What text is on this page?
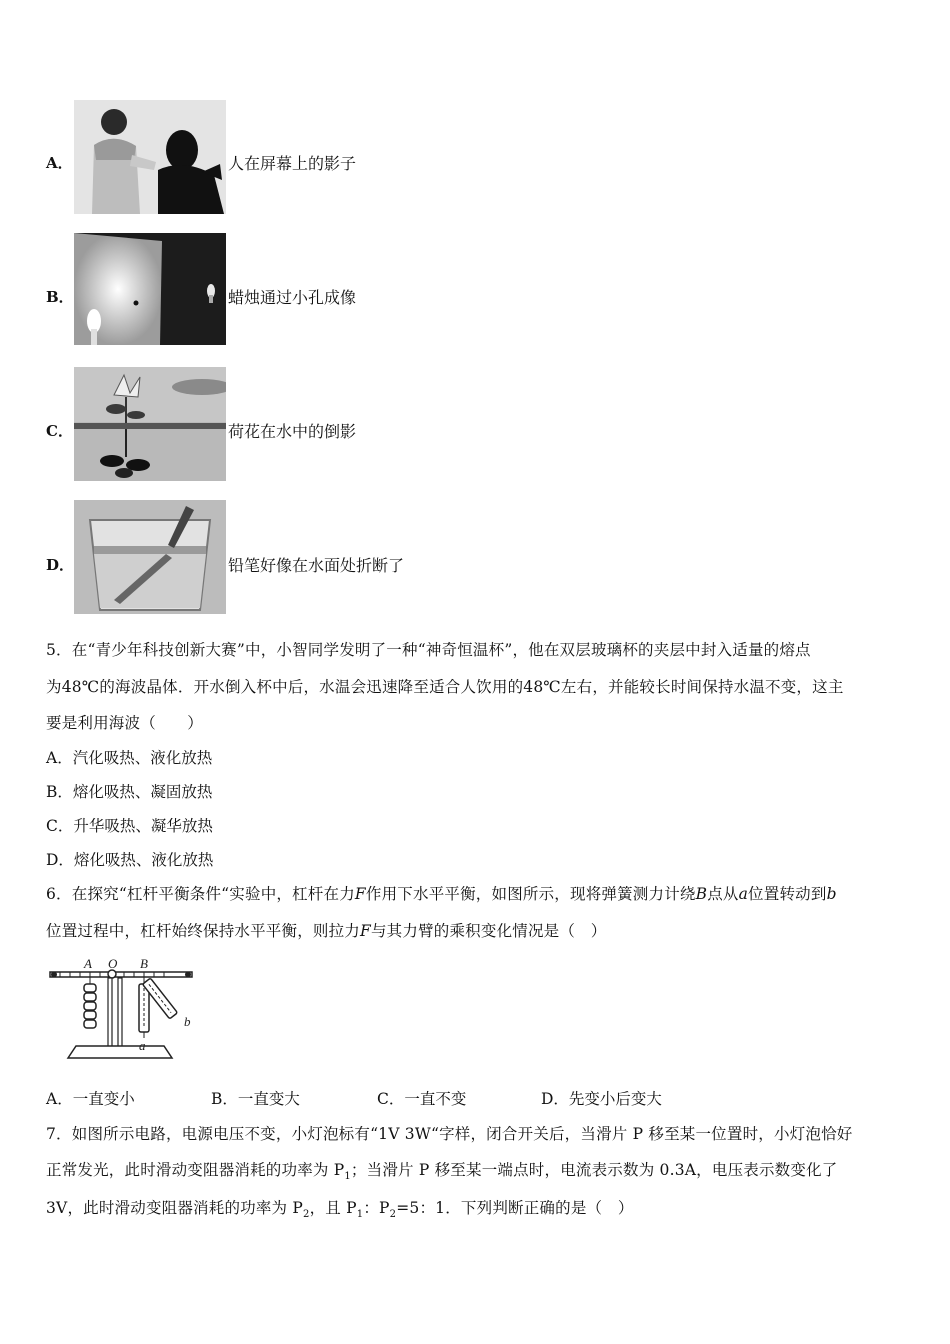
A．	人在屏幕上的影子
B．	蜡烛通过小孔成像
C．	荷花在水中的倒影
D．	铅笔好像在水面处折断了
5．在“青少年科技创新大赛”中，小智同学发明了一种“神奇恒温杯”，他在双层玻璃杯的夹层中封入适量的熔点
为48℃的海波晶体．开水倒入杯中后，水温会迅速降至适合人饮用的48℃左右，并能较长时间保持水温不变，这主
要是利用海波（　　）
A．汽化吸热、液化放热
B．熔化吸热、凝固放热
C．升华吸热、凝华放热
D．熔化吸热、液化放热
6．在探究“杠杆平衡条件“实验中，杠杆在力F作用下水平平衡，如图所示，现将弹簧测力计绕B点从a位置转动到b
位置过程中，杠杆始终保持水平平衡，则拉力F与其力臂的乘积变化情况是（　）
A O B
a
b
A．一直变小	B．一直变大	C．一直不变	D．先变小后变大
7．如图所示电路，电源电压不变，小灯泡标有“1V 3W“字样，闭合开关后，当滑片 P 移至某一位置时，小灯泡恰好
正常发光，此时滑动变阻器消耗的功率为 $P_1$；当滑片 P 移至某一端点时，电流表示数为 0.3A，电压表示数变化了
3V，此时滑动变阻器消耗的功率为 $P_2$，且 $P_1$：$P_2=5$：1．下列判断正确的是（　）
